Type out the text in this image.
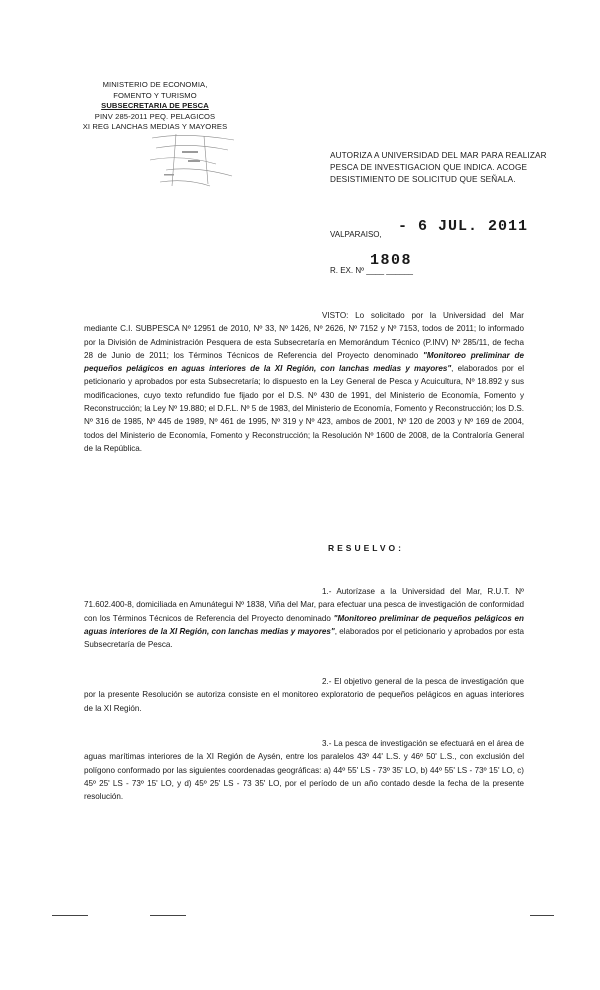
MINISTERIO DE ECONOMIA,
FOMENTO Y TURISMO
SUBSECRETARIA DE PESCA
PINV 285-2011 PEQ. PELAGICOS
XI REG LANCHAS MEDIAS Y MAYORES
AUTORIZA A UNIVERSIDAD DEL MAR PARA REALIZAR
PESCA DE INVESTIGACION QUE INDICA. ACOGE
DESISTIMIENTO DE SOLICITUD QUE SEÑALA.
VALPARAISO, - 6 JUL. 2011
1808
R. EX. Nº ____ ______
VISTO: Lo solicitado por la Universidad del Mar mediante C.I. SUBPESCA Nº 12951 de 2010, Nº 33, Nº 1426, Nº 2626, Nº 7152 y Nº 7153, todos de 2011; lo informado por la División de Administración Pesquera de esta Subsecretaría en Memorándum Técnico (P.INV) Nº 285/11, de fecha 28 de Junio de 2011; los Términos Técnicos de Referencia del Proyecto denominado "Monitoreo preliminar de pequeños pelágicos en aguas interiores de la XI Región, con lanchas medias y mayores", elaborados por el peticionario y aprobados por esta Subsecretaría; lo dispuesto en la Ley General de Pesca y Acuicultura, Nº 18.892 y sus modificaciones, cuyo texto refundido fue fijado por el D.S. Nº 430 de 1991, del Ministerio de Economía, Fomento y Reconstrucción; la Ley Nº 19.880; el D.F.L. Nº 5 de 1983, del Ministerio de Economía, Fomento y Reconstrucción; los D.S. Nº 316 de 1985, Nº 445 de 1989, Nº 461 de 1995, Nº 319 y Nº 423, ambos de 2001, Nº 120 de 2003 y Nº 169 de 2004, todos del Ministerio de Economía, Fomento y Reconstrucción; la Resolución Nº 1600 de 2008, de la Contraloría General de la República.
RESUELVO:
1.- Autorízase a la Universidad del Mar, R.U.T. Nº 71.602.400-8, domiciliada en Amunátegui Nº 1838, Viña del Mar, para efectuar una pesca de investigación de conformidad con los Términos Técnicos de Referencia del Proyecto denominado "Monitoreo preliminar de pequeños pelágicos en aguas interiores de la XI Región, con lanchas medias y mayores", elaborados por el peticionario y aprobados por esta Subsecretaría de Pesca.
2.- El objetivo general de la pesca de investigación que por la presente Resolución se autoriza consiste en el monitoreo exploratorio de pequeños pelágicos en aguas interiores de la XI Región.
3.- La pesca de investigación se efectuará en el área de aguas marítimas interiores de la XI Región de Aysén, entre los paralelos 43º 44' L.S. y 46º 50' L.S., con exclusión del polígono conformado por las siguientes coordenadas geográficas: a) 44º 55' LS - 73º 35' LO, b) 44º 55' LS - 73º 15' LO, c) 45º 25' LS - 73º 15' LO, y d) 45º 25' LS - 73 35' LO, por el período de un año contado desde la fecha de la presente resolución.
